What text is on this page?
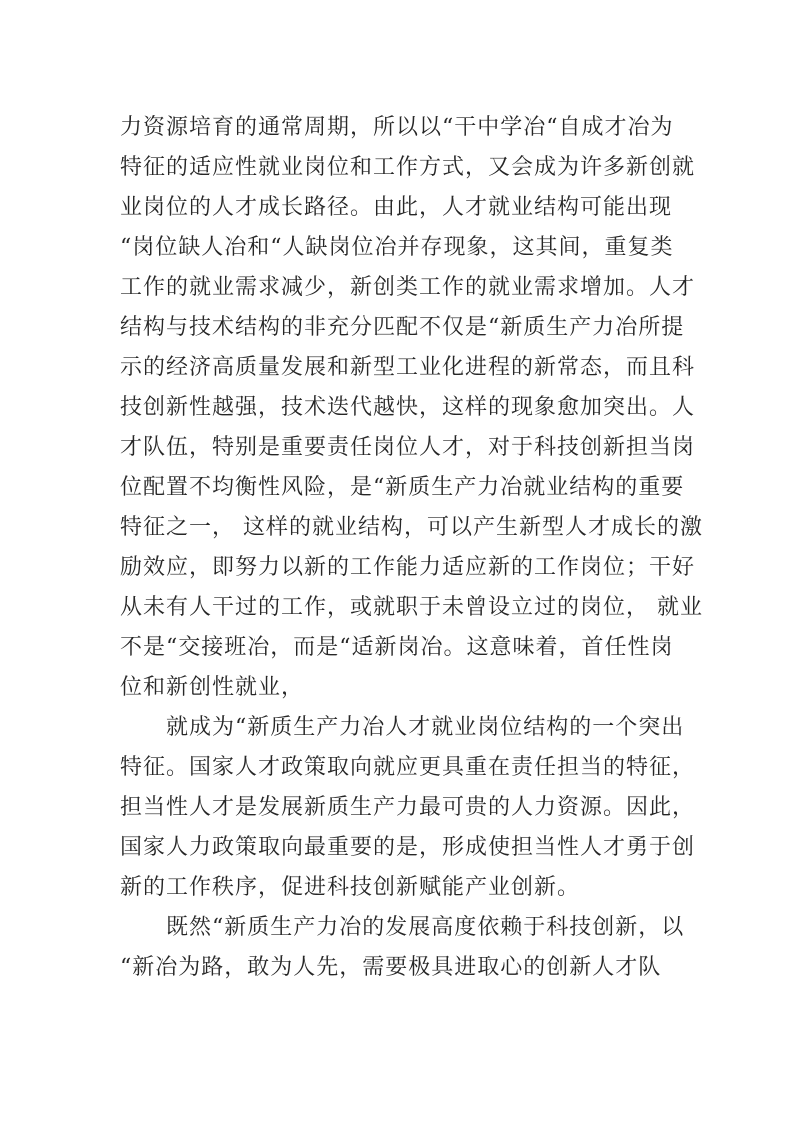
力资源培育的通常周期，所以以“干中学冶“自成才冶为
特征的适应性就业岗位和工作方式，又会成为许多新创就
业岗位的人才成长路径。由此，人才就业结构可能出现
“岗位缺人冶和“人缺岗位冶并存现象，这其间，重复类
工作的就业需求减少，新创类工作的就业需求增加。人才
结构与技术结构的非充分匹配不仅是“新质生产力冶所提
示的经济高质量发展和新型工业化进程的新常态，而且科
技创新性越强，技术迭代越快，这样的现象愈加突出。人
才队伍，特别是重要责任岗位人才，对于科技创新担当岗
位配置不均衡性风险，是“新质生产力冶就业结构的重要
特征之一， 这样的就业结构，可以产生新型人才成长的激
励效应，即努力以新的工作能力适应新的工作岗位；干好
从未有人干过的工作，或就职于未曾设立过的岗位， 就业
不是“交接班冶，而是“适新岗冶。这意味着，首任性岗
位和新创性就业，
　　就成为“新质生产力冶人才就业岗位结构的一个突出
特征。国家人才政策取向就应更具重在责任担当的特征，
担当性人才是发展新质生产力最可贵的人力资源。因此，
国家人力政策取向最重要的是，形成使担当性人才勇于创
新的工作秩序，促进科技创新赋能产业创新。
　　既然“新质生产力冶的发展高度依赖于科技创新，以
“新冶为路，敢为人先，需要极具进取心的创新人才队
